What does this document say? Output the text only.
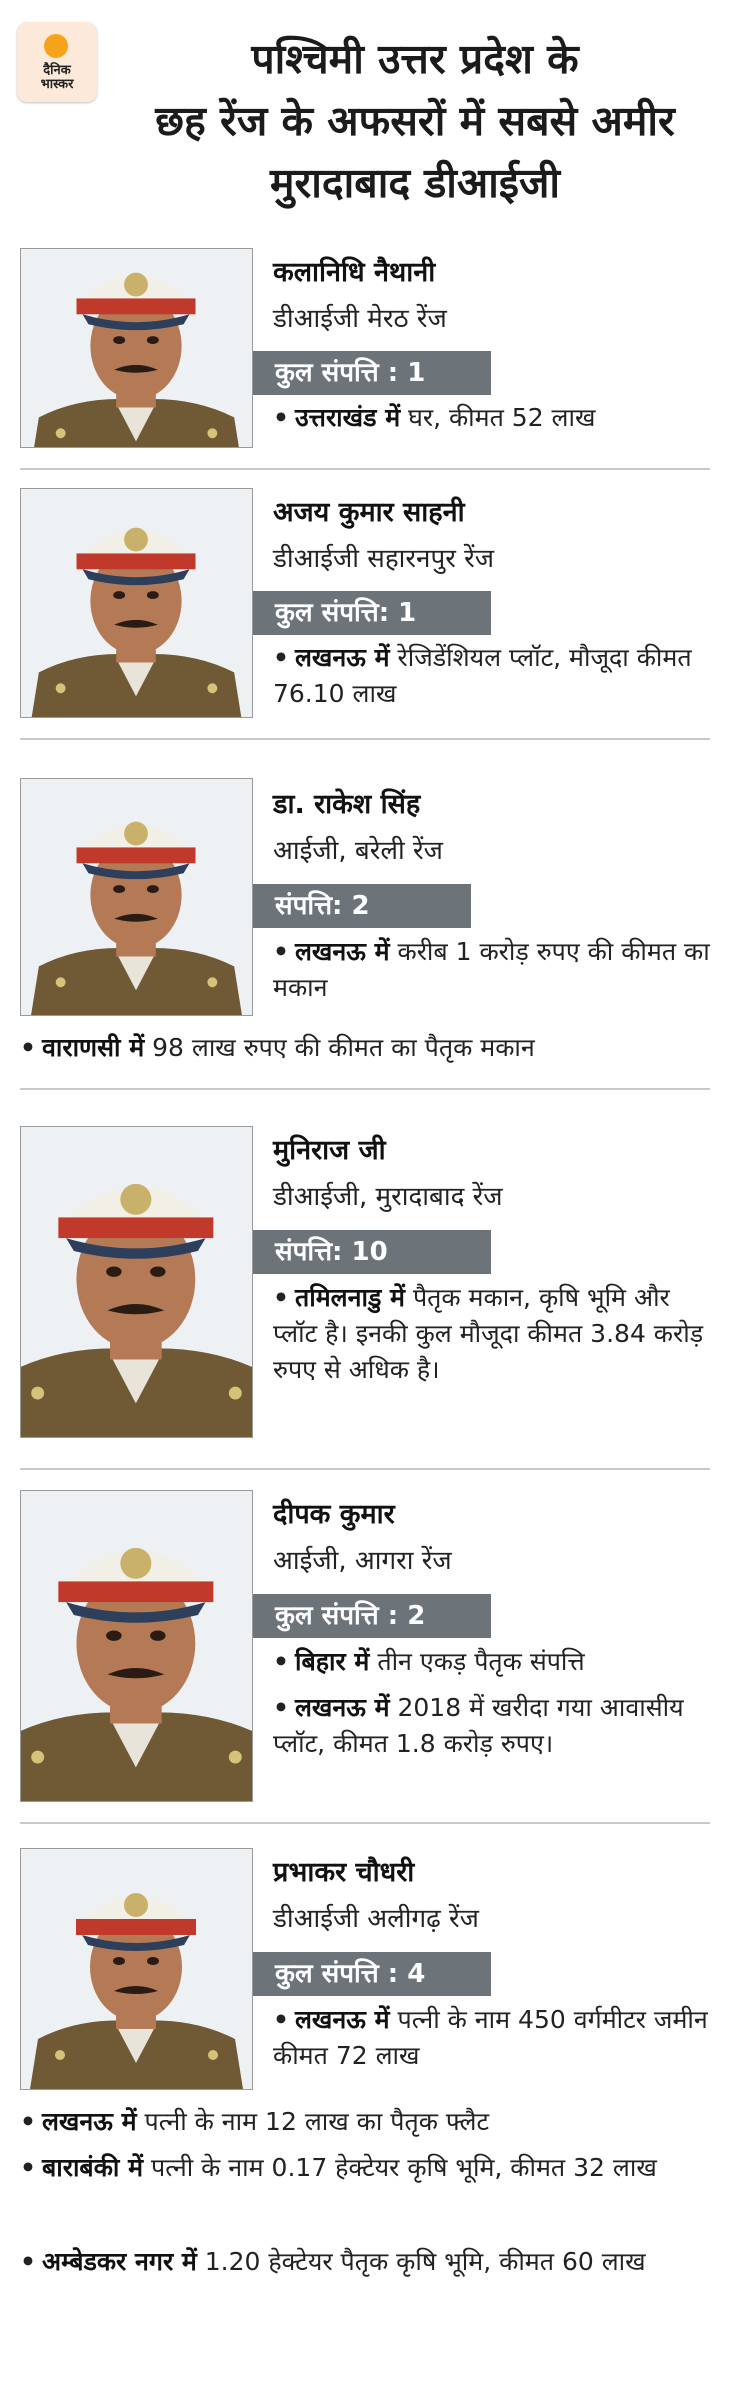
दैनिक
भास्कर
पश्चिमी उत्तर प्रदेश के
छह रेंज के अफसरों में सबसे अमीर
मुरादाबाद डीआईजी
कलानिधि नैथानी
डीआईजी मेरठ रेंज
कुल संपत्ति : 1
• उत्तराखंड में घर, कीमत 52 लाख
अजय कुमार साहनी
डीआईजी सहारनपुर रेंज
कुल संपत्ति: 1
• लखनऊ में रेजिडेंशियल प्लॉट, मौजूदा कीमत 76.10 लाख
डा. राकेश सिंह
आईजी, बरेली रेंज
संपत्ति: 2
• लखनऊ में करीब 1 करोड़ रुपए की कीमत का मकान
• वाराणसी में 98 लाख रुपए की कीमत का पैतृक मकान
मुनिराज जी
डीआईजी, मुरादाबाद रेंज
संपत्ति: 10
• तमिलनाडु में पैतृक मकान, कृषि भूमि और प्लॉट है। इनकी कुल मौजूदा कीमत 3.84 करोड़ रुपए से अधिक है।
दीपक कुमार
आईजी, आगरा रेंज
कुल संपत्ति : 2
• बिहार में तीन एकड़ पैतृक संपत्ति
• लखनऊ में 2018 में खरीदा गया आवासीय प्लॉट, कीमत 1.8 करोड़ रुपए।
प्रभाकर चौधरी
डीआईजी अलीगढ़ रेंज
कुल संपत्ति : 4
• लखनऊ में पत्नी के नाम 450 वर्गमीटर जमीन कीमत 72 लाख
• लखनऊ में पत्नी के नाम 12 लाख का पैतृक फ्लैट
• बाराबंकी में पत्नी के नाम 0.17 हेक्टेयर कृषि भूमि, कीमत 32 लाख
• अम्बेडकर नगर में 1.20 हेक्टेयर पैतृक कृषि भूमि, कीमत 60 लाख
